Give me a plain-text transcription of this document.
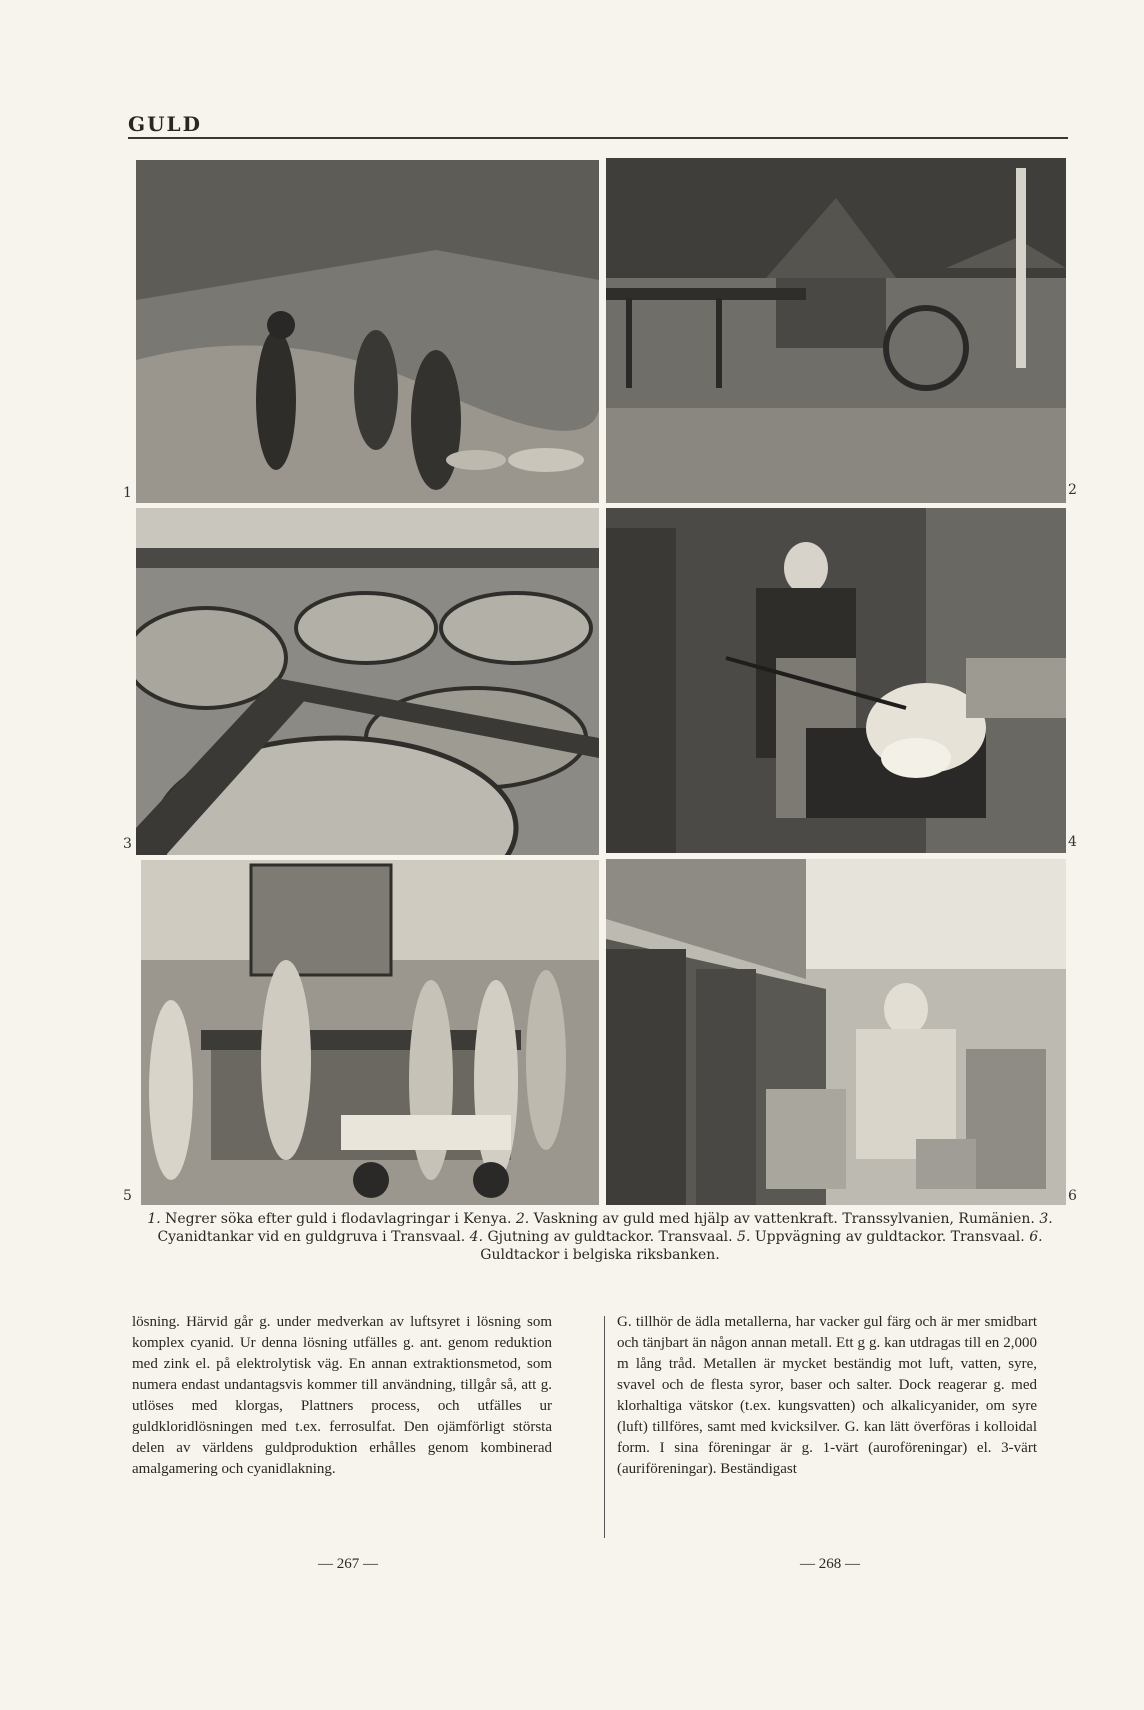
GULD
1	2
3	4
5	6
1. Negrer söka efter guld i flodavlagringar i Kenya. 2. Vaskning av guld med hjälp av vattenkraft. Transsylvanien, Rumänien. 3. Cyanidtankar vid en guldgruva i Transvaal. 4. Gjutning av guldtackor. Transvaal. 5. Uppvägning av guldtackor. Transvaal. 6. Guldtackor i belgiska riksbanken.
lösning. Härvid går g. under medverkan av luftsyret i lösning som komplex cyanid. Ur denna lösning utfälles g. ant. genom reduktion med zink el. på elektrolytisk väg. En annan extraktionsmetod, som numera endast undantagsvis kommer till användning, tillgår så, att g. utlöses med klorgas, Plattners process, och utfälles ur guldkloridlösningen med t.ex. ferrosulfat. Den ojämförligt största delen av världens guldproduktion erhålles genom kombinerad amalgamering och cyanidlakning.
G. tillhör de ädla metallerna, har vacker gul färg och är mer smidbart och tänjbart än någon annan metall. Ett g g. kan utdragas till en 2,000 m lång tråd. Metallen är mycket beständig mot luft, vatten, syre, svavel och de flesta syror, baser och salter. Dock reagerar g. med klorhaltiga vätskor (t.ex. kungsvatten) och alkalicyanider, om syre (luft) tillföres, samt med kvicksilver. G. kan lätt överföras i kolloidal form. I sina föreningar är g. 1-värt (auroföreningar) el. 3-värt (auriföreningar). Beständigast
— 267 —	— 268 —
